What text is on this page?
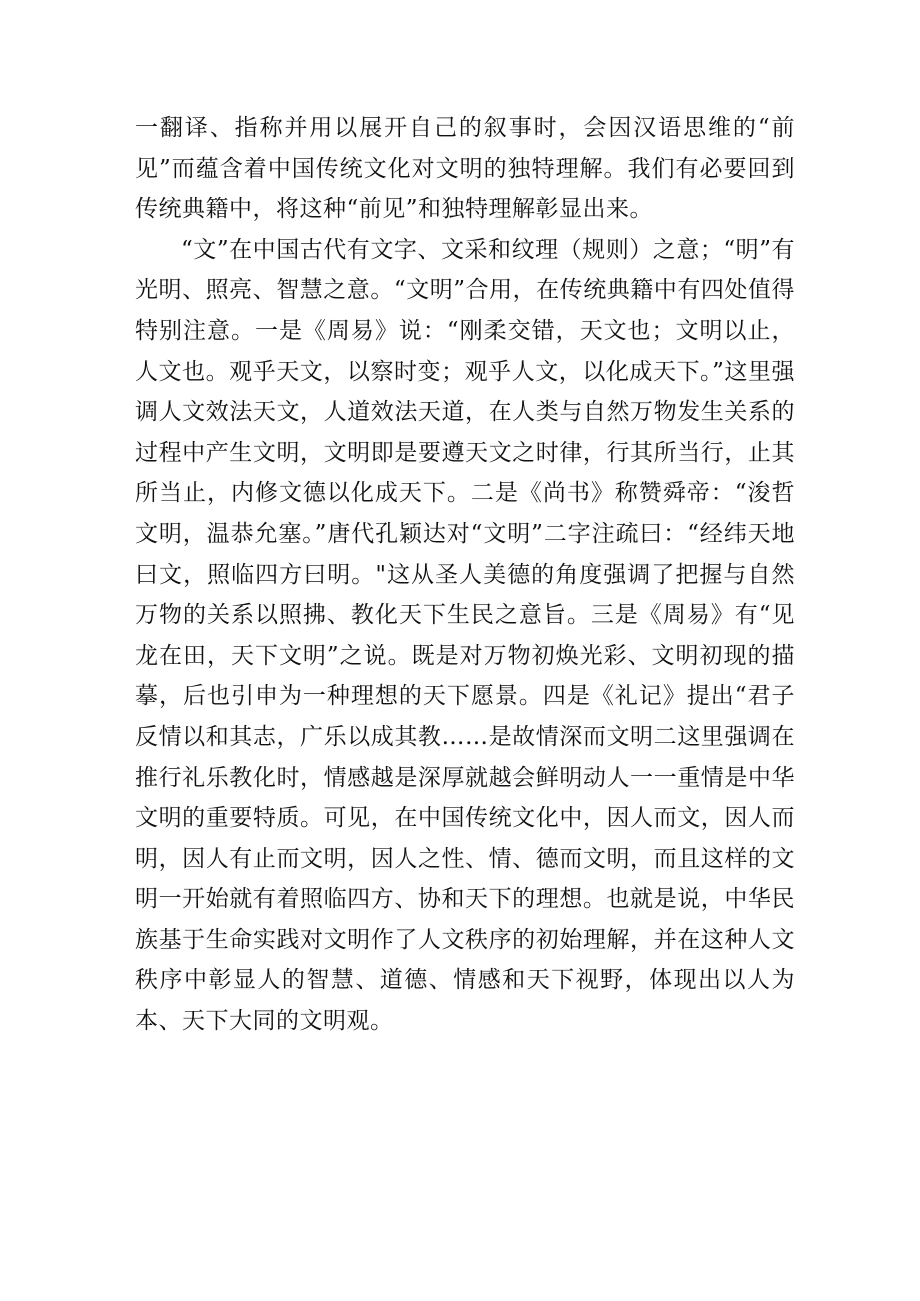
一翻译、指称并用以展开自己的叙事时，会因汉语思维的“前见”而蕴含着中国传统文化对文明的独特理解。我们有必要回到传统典籍中，将这种“前见”和独特理解彰显出来。

“文”在中国古代有文字、文采和纹理（规则）之意；“明”有光明、照亮、智慧之意。“文明”合用，在传统典籍中有四处值得特别注意。一是《周易》说：“刚柔交错，天文也；文明以止，人文也。观乎天文，以察时变；观乎人文，以化成天下。”这里强调人文效法天文，人道效法天道，在人类与自然万物发生关系的过程中产生文明，文明即是要遵天文之时律，行其所当行，止其所当止，内修文德以化成天下。二是《尚书》称赞舜帝：“浚哲文明，温恭允塞。”唐代孔颖达对“文明”二字注疏曰：“经纬天地曰文，照临四方曰明。"这从圣人美德的角度强调了把握与自然万物的关系以照拂、教化天下生民之意旨。三是《周易》有“见龙在田，天下文明”之说。既是对万物初焕光彩、文明初现的描摹，后也引申为一种理想的天下愿景。四是《礼记》提出“君子反情以和其志，广乐以成其教……是故情深而文明二这里强调在推行礼乐教化时，情感越是深厚就越会鲜明动人一一重情是中华文明的重要特质。可见，在中国传统文化中，因人而文，因人而明，因人有止而文明，因人之性、情、德而文明，而且这样的文明一开始就有着照临四方、协和天下的理想。也就是说，中华民族基于生命实践对文明作了人文秩序的初始理解，并在这种人文秩序中彰显人的智慧、道德、情感和天下视野，体现出以人为本、天下大同的文明观。
